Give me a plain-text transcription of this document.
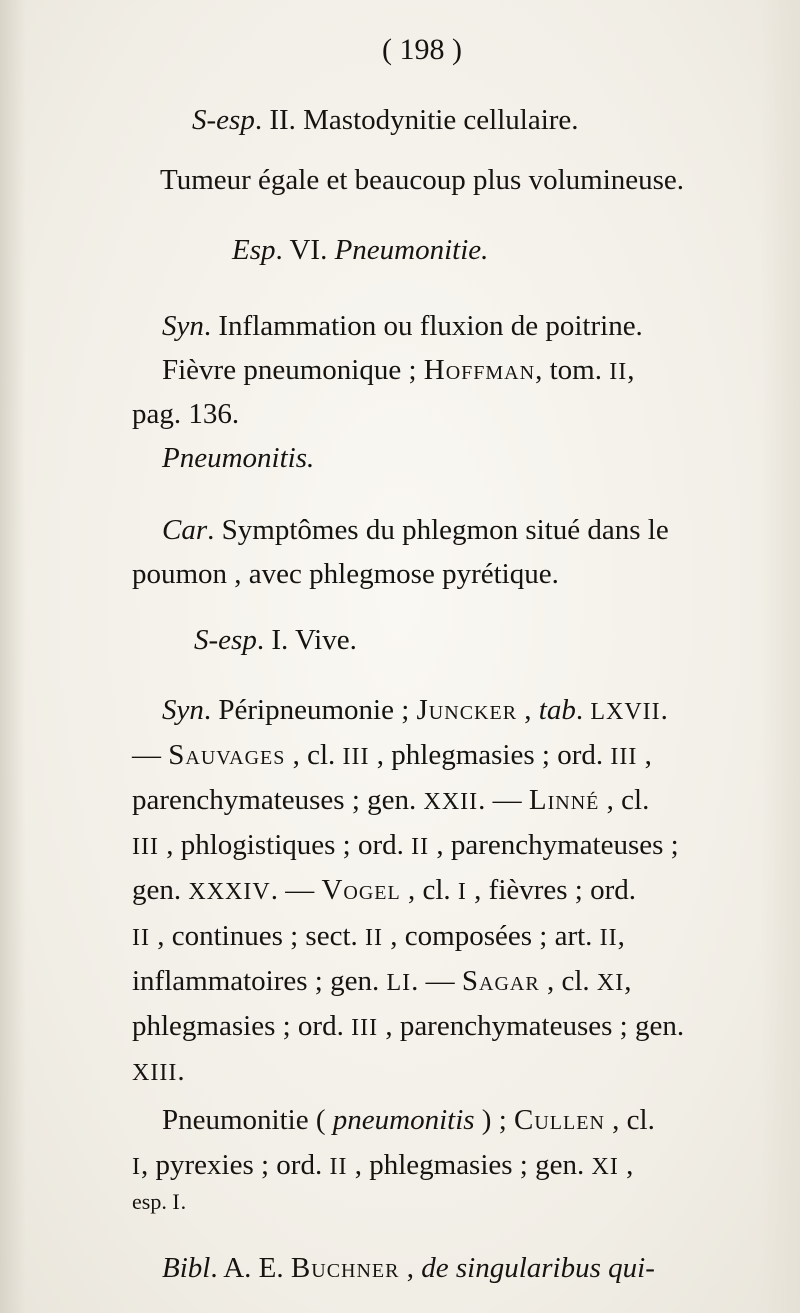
( 198 )
S-esp. II. Mastodynitie cellulaire.
Tumeur égale et beaucoup plus volumineuse.
Esp. VI. Pneumonitie.
Syn. Inflammation ou fluxion de poitrine.
Fièvre pneumonique ; Hoffman, tom. II,
pag. 136.
Pneumonitis.
Car. Symptômes du phlegmon situé dans le
poumon , avec phlegmose pyrétique.
S-esp. I. Vive.
Syn. Péripneumonie ; Juncker , tab. LXVII.
— Sauvages , cl. III , phlegmasies ; ord. III ,
parenchymateuses ; gen. XXII. — Linné , cl.
III , phlogistiques ; ord. II , parenchymateuses ;
gen. XXXIV. — Vogel , cl. I , fièvres ; ord.
II , continues ; sect. II , composées ; art. II,
inflammatoires ; gen. LI. — Sagar , cl. XI,
phlegmasies ; ord. III , parenchymateuses ; gen.
XIII.
Pneumonitie ( pneumonitis ) ; Cullen , cl.
I, pyrexies ; ord. II , phlegmasies ; gen. XI ,
esp. I.
Bibl. A. E. Buchner , de singularibus qui-
